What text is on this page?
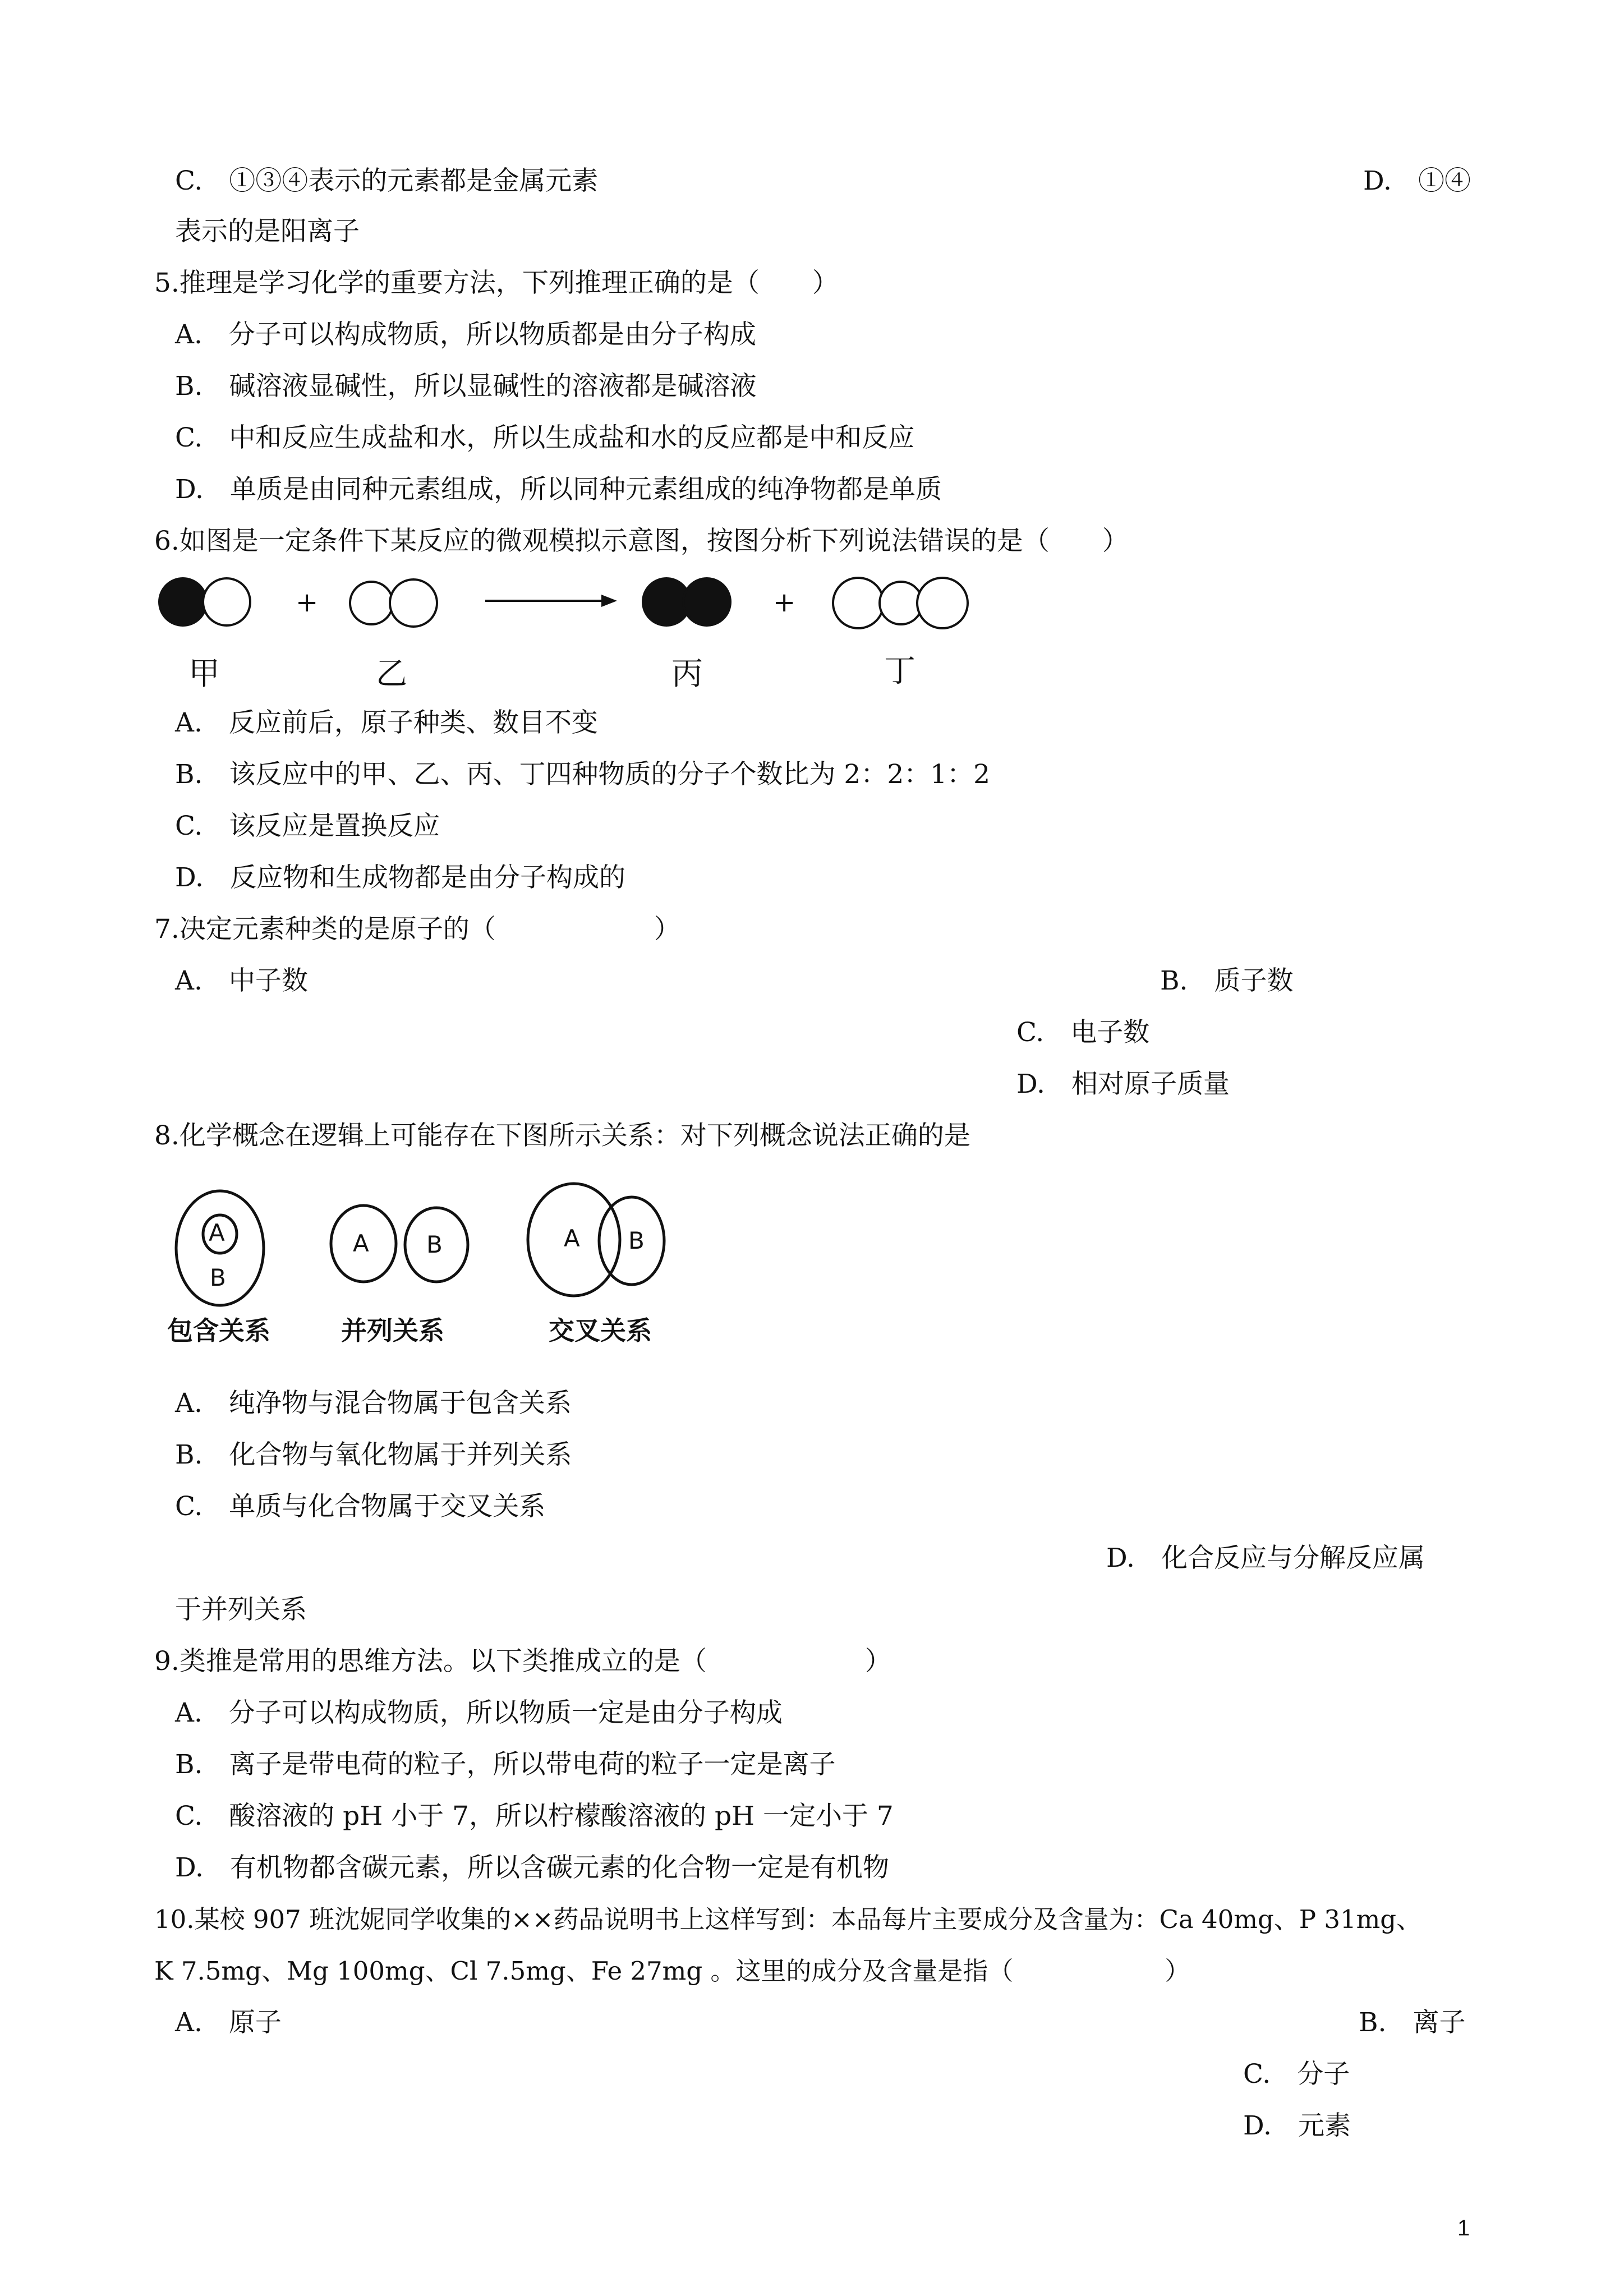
C.　①③④表示的元素都是金属元素	D.　①④
表示的是阳离子
5.推理是学习化学的重要方法，下列推理正确的是（　　）
A.　分子可以构成物质，所以物质都是由分子构成
B.　碱溶液显碱性，所以显碱性的溶液都是碱溶液
C.　中和反应生成盐和水，所以生成盐和水的反应都是中和反应
D.　单质是由同种元素组成，所以同种元素组成的纯净物都是单质
6.如图是一定条件下某反应的微观模拟示意图，按图分析下列说法错误的是（　　）
+	+
甲	乙	丙	丁
A.　反应前后，原子种类、数目不变
B.　该反应中的甲、乙、丙、丁四种物质的分子个数比为 2：2：1：2
C.　该反应是置换反应
D.　反应物和生成物都是由分子构成的
7.决定元素种类的是原子的（　　　　　　）
A.　中子数	B.　质子数
C.　电子数
D.　相对原子质量
8.化学概念在逻辑上可能存在下图所示关系：对下列概念说法正确的是
A
B
A B	A B
包含关系	并列关系	交叉关系
A.　纯净物与混合物属于包含关系
B.　化合物与氧化物属于并列关系
C.　单质与化合物属于交叉关系
D.　化合反应与分解反应属
于并列关系
9.类推是常用的思维方法。以下类推成立的是（　　　　　　）
A.　分子可以构成物质，所以物质一定是由分子构成
B.　离子是带电荷的粒子，所以带电荷的粒子一定是离子
C.　酸溶液的 pH 小于 7，所以柠檬酸溶液的 pH 一定小于 7
D.　有机物都含碳元素，所以含碳元素的化合物一定是有机物
10.某校 907 班沈妮同学收集的××药品说明书上这样写到：本品每片主要成分及含量为：Ca 40mg、P 31mg、
K 7.5mg、Mg 100mg、Cl 7.5mg、Fe 27mg 。这里的成分及含量是指（　　　　　　）
A.　原子	B.　离子
C.　分子
D.　元素
1
